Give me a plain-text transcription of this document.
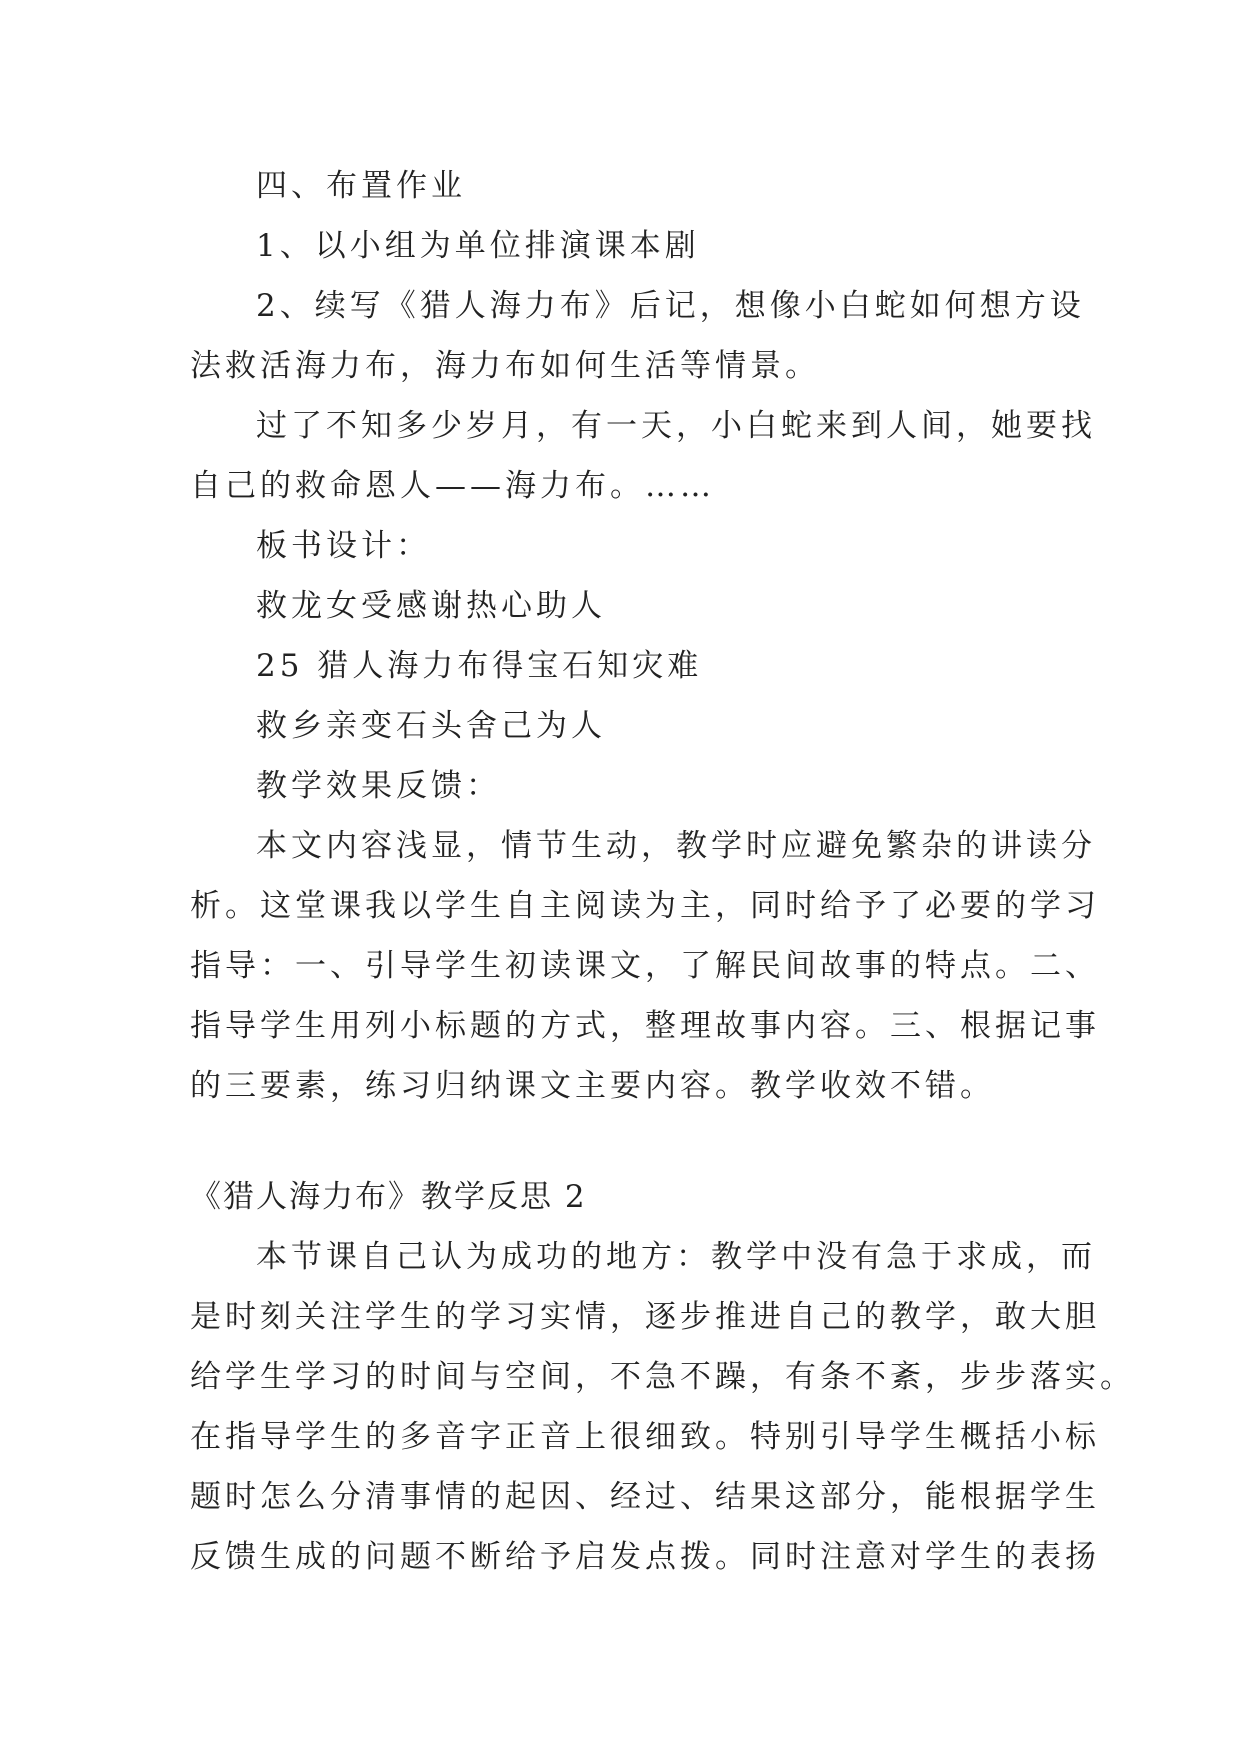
四、布置作业
1、以小组为单位排演课本剧
2、续写《猎人海力布》后记，想像小白蛇如何想方设
法救活海力布，海力布如何生活等情景。
过了不知多少岁月，有一天，小白蛇来到人间，她要找
自己的救命恩人——海力布。……
板书设计：
救龙女受感谢热心助人
25 猎人海力布得宝石知灾难
救乡亲变石头舍己为人
教学效果反馈：
本文内容浅显，情节生动，教学时应避免繁杂的讲读分
析。这堂课我以学生自主阅读为主，同时给予了必要的学习
指导：一、引导学生初读课文，了解民间故事的特点。二、
指导学生用列小标题的方式，整理故事内容。三、根据记事
的三要素，练习归纳课文主要内容。教学收效不错。
《猎人海力布》教学反思 2
本节课自己认为成功的地方：教学中没有急于求成，而
是时刻关注学生的学习实情，逐步推进自己的教学，敢大胆
给学生学习的时间与空间，不急不躁，有条不紊，步步落实。
在指导学生的多音字正音上很细致。特别引导学生概括小标
题时怎么分清事情的起因、经过、结果这部分，能根据学生
反馈生成的问题不断给予启发点拨。同时注意对学生的表扬
